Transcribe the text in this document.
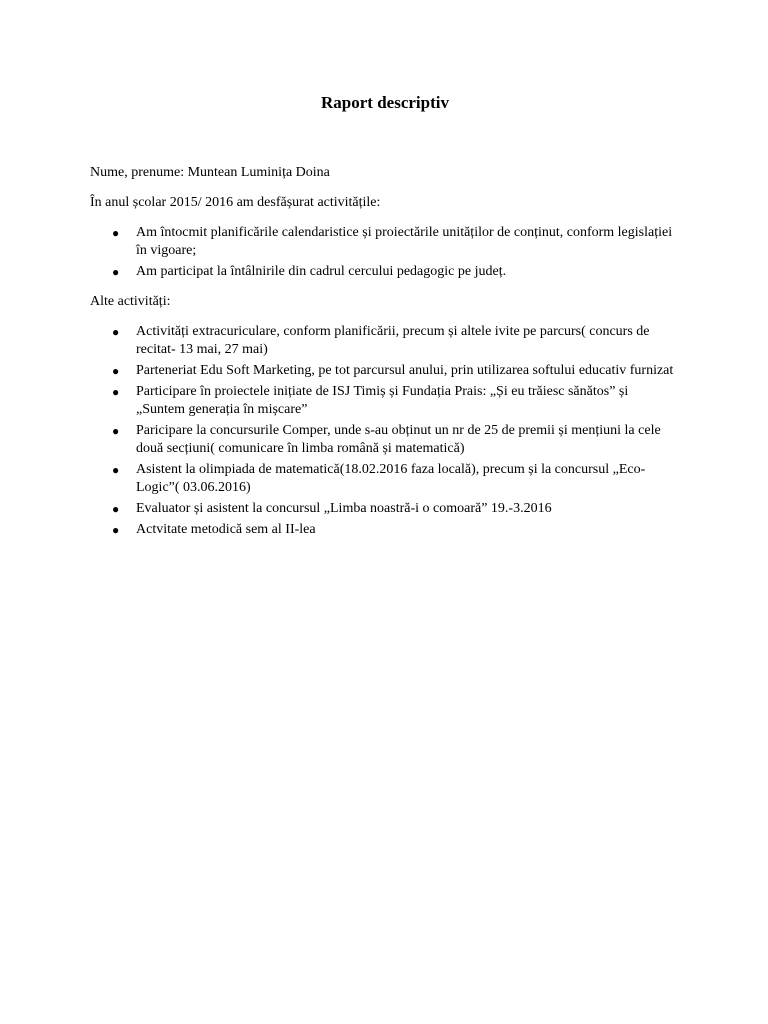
Raport descriptiv

Nume, prenume: Muntean Luminița Doina

În anul școlar 2015/ 2016 am desfășurat activitățile:

● Am întocmit planificările calendaristice și proiectările unităților de conținut, conform legislației în vigoare;
● Am participat la întâlnirile din cadrul cercului pedagogic pe județ.

Alte activități:

● Activități extracuriculare, conform planificării, precum și altele ivite pe parcurs( concurs de recitat- 13 mai, 27 mai)
● Parteneriat Edu Soft Marketing, pe tot parcursul anului, prin utilizarea softului educativ furnizat
● Participare în proiectele inițiate de ISJ Timiș și Fundația Prais: „Și eu trăiesc sănătos” și „Suntem generația în mișcare”
● Paricipare la concursurile Comper, unde s-au obținut un nr de 25 de premii și mențiuni la cele două secțiuni( comunicare în limba română și matematică)
● Asistent la olimpiada de matematică(18.02.2016 faza locală), precum și la concursul „Eco- Logic”( 03.06.2016)
● Evaluator și asistent la concursul „Limba noastră-i o comoară” 19.-3.2016
● Actvitate metodică sem al II-lea
